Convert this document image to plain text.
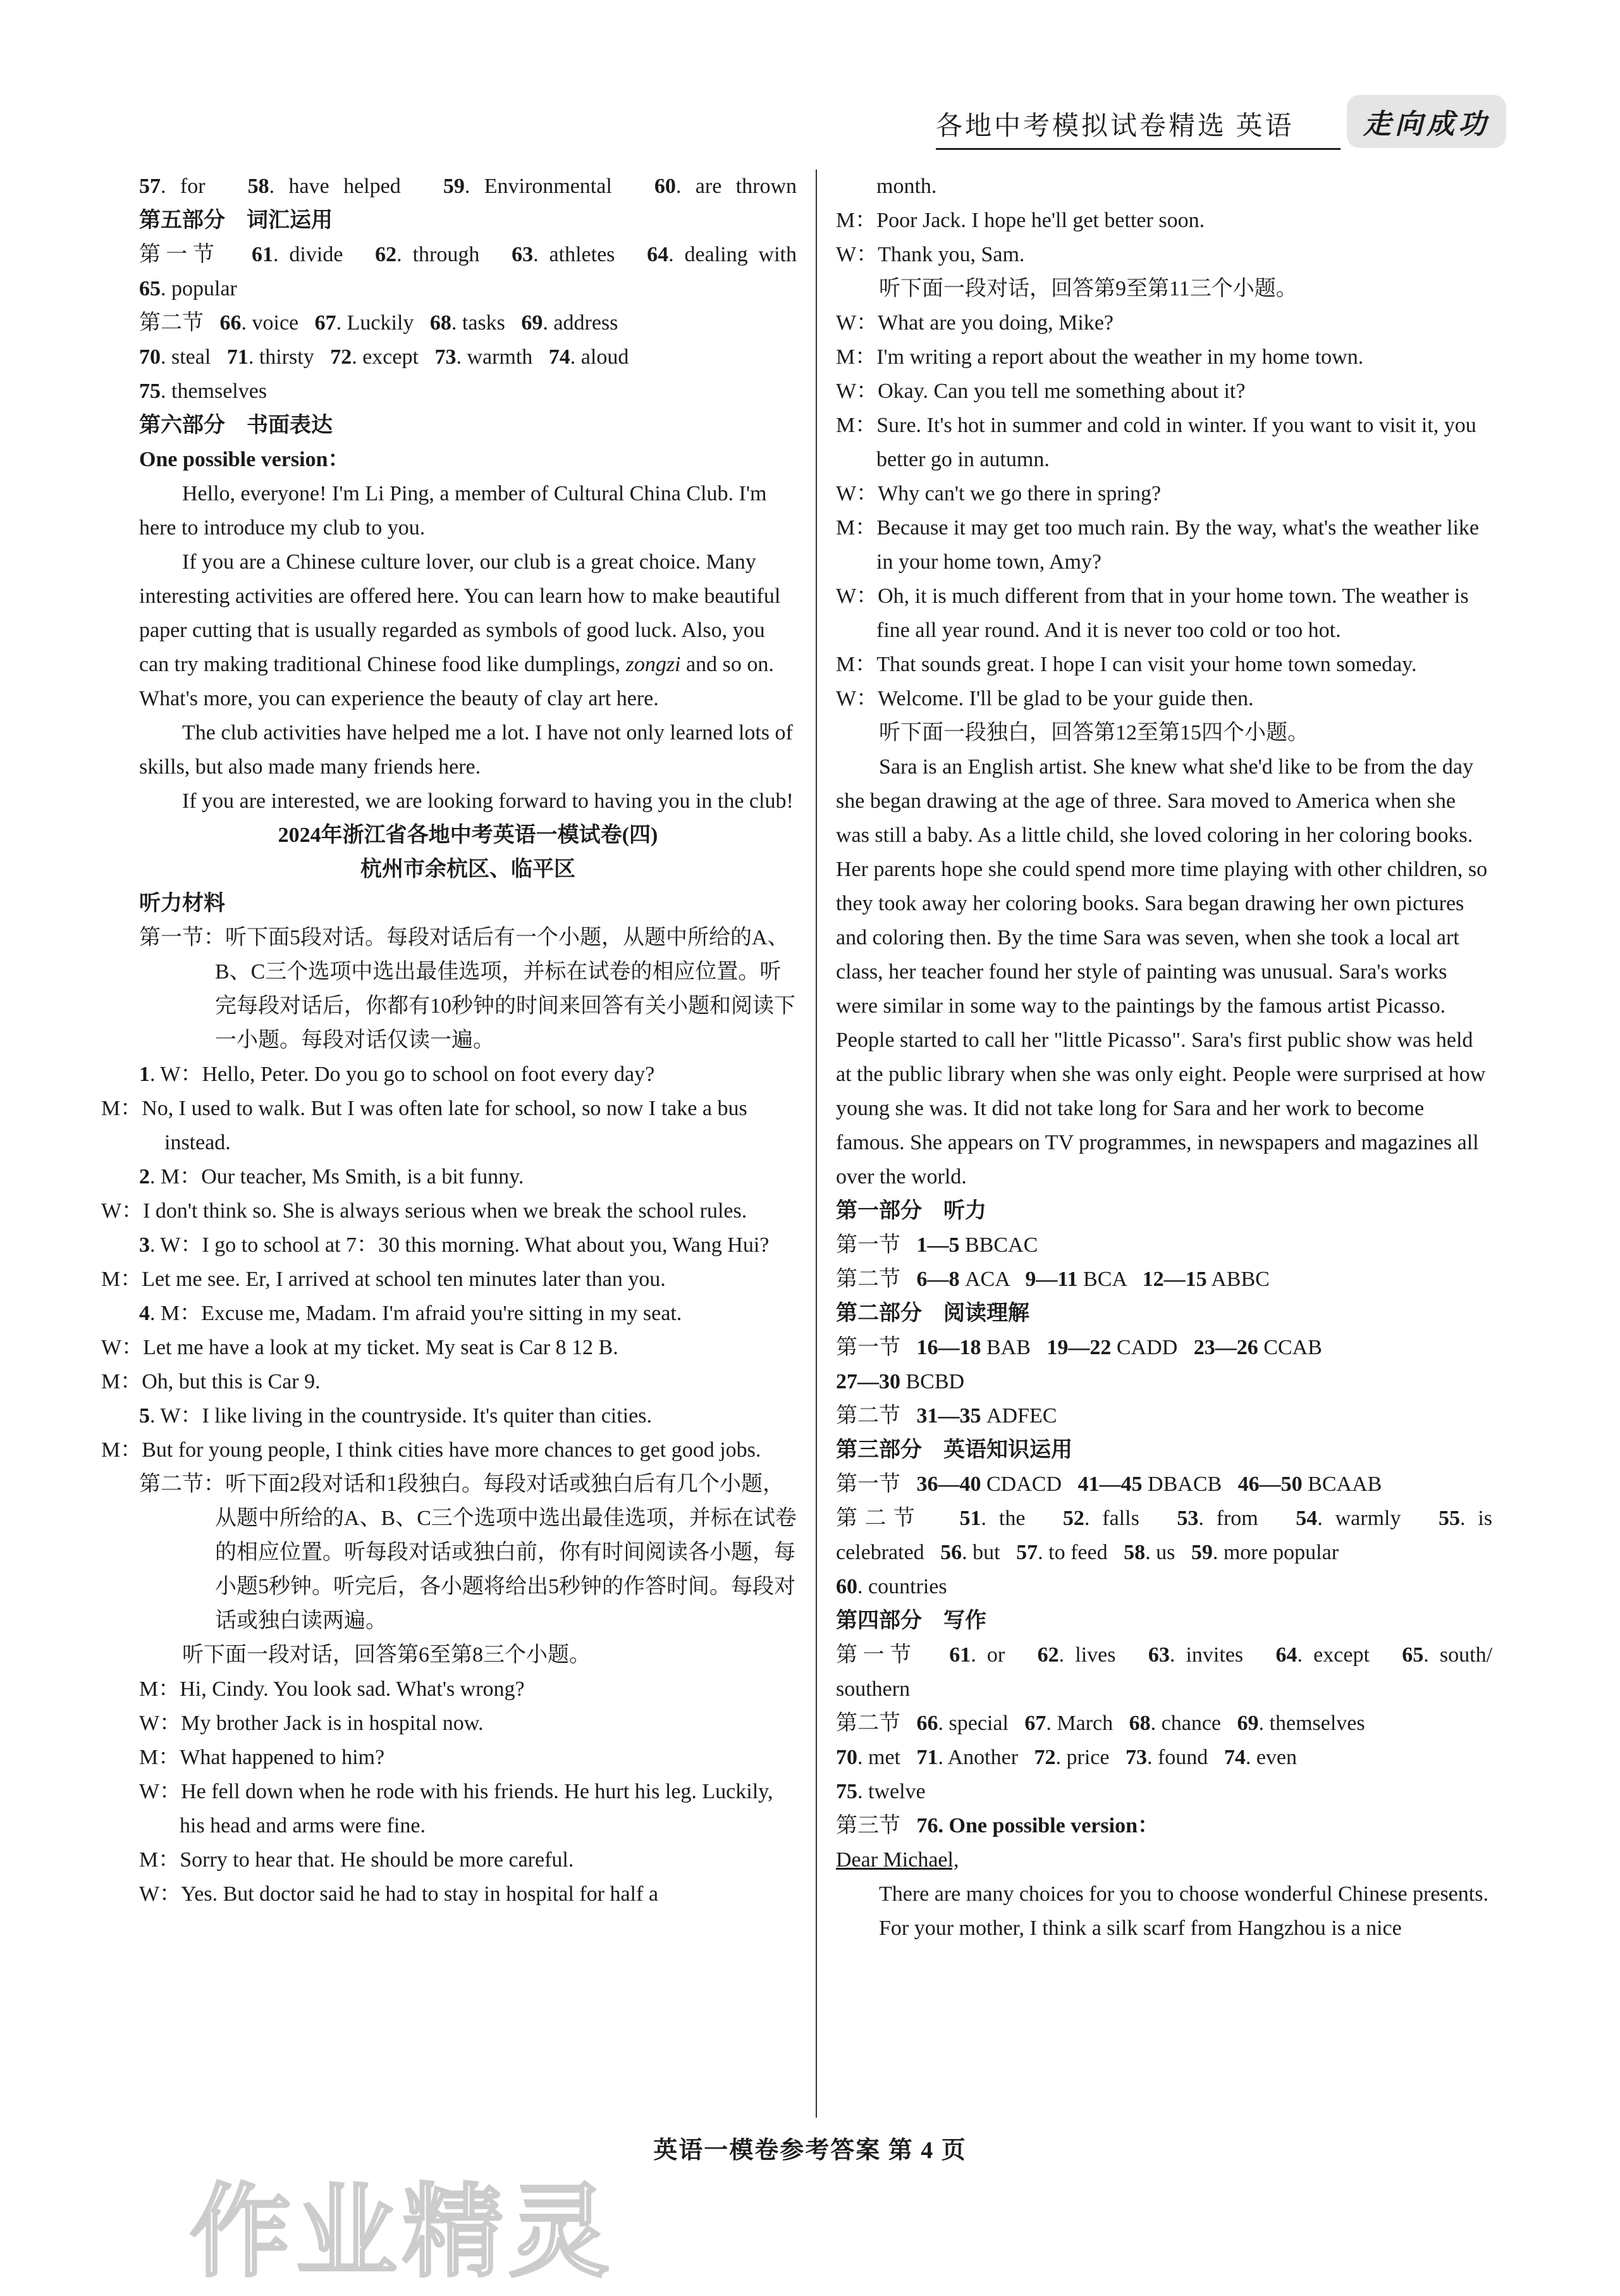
各地中考模拟试卷精选 英语	走向成功

57. for   58. have helped   59. Environmental   60. are thrown

第五部分　词汇运用

第一节   61. divide   62. through   63. athletes   64. dealing with

65. popular

第二节   66. voice   67. Luckily   68. tasks   69. address

70. steal   71. thirsty   72. except   73. warmth   74. aloud

75. themselves

第六部分　书面表达

One possible version：

Hello, everyone! I'm Li Ping, a member of Cultural China Club. I'm here to introduce my club to you.

If you are a Chinese culture lover, our club is a great choice. Many interesting activities are offered here. You can learn how to make beautiful paper cutting that is usually regarded as symbols of good luck. Also, you can try making traditional Chinese food like dumplings, zongzi and so on. What's more, you can experience the beauty of clay art here.

The club activities have helped me a lot. I have not only learned lots of skills, but also made many friends here.

If you are interested, we are looking forward to having you in the club!

2024年浙江省各地中考英语一模试卷(四)

杭州市余杭区、临平区

听力材料

第一节：听下面5段对话。每段对话后有一个小题，从题中所给的A、B、C三个选项中选出最佳选项，并标在试卷的相应位置。听完每段对话后，你都有10秒钟的时间来回答有关小题和阅读下一小题。每段对话仅读一遍。

1. W：Hello, Peter. Do you go to school on foot every day?

M：No, I used to walk. But I was often late for school, so now I take a bus instead.

2. M：Our teacher, Ms Smith, is a bit funny.

W：I don't think so. She is always serious when we break the school rules.

3. W：I go to school at 7：30 this morning. What about you, Wang Hui?

M：Let me see. Er, I arrived at school ten minutes later than you.

4. M：Excuse me, Madam. I'm afraid you're sitting in my seat.

W：Let me have a look at my ticket. My seat is Car 8 12 B.

M：Oh, but this is Car 9.

5. W：I like living in the countryside. It's quiter than cities.

M：But for young people, I think cities have more chances to get good jobs.

第二节：听下面2段对话和1段独白。每段对话或独白后有几个小题，从题中所给的A、B、C三个选项中选出最佳选项，并标在试卷的相应位置。听每段对话或独白前，你有时间阅读各小题，每小题5秒钟。听完后，各小题将给出5秒钟的作答时间。每段对话或独白读两遍。

听下面一段对话，回答第6至第8三个小题。

M：Hi, Cindy. You look sad. What's wrong?

W：My brother Jack is in hospital now.

M：What happened to him?

W：He fell down when he rode with his friends. He hurt his leg. Luckily, his head and arms were fine.

M：Sorry to hear that. He should be more careful.

W：Yes. But doctor said he had to stay in hospital for half a

month.

M：Poor Jack. I hope he'll get better soon.

W：Thank you, Sam.

听下面一段对话，回答第9至第11三个小题。

W：What are you doing, Mike?

M：I'm writing a report about the weather in my home town.

W：Okay. Can you tell me something about it?

M：Sure. It's hot in summer and cold in winter. If you want to visit it, you better go in autumn.

W：Why can't we go there in spring?

M：Because it may get too much rain. By the way, what's the weather like in your home town, Amy?

W：Oh, it is much different from that in your home town. The weather is fine all year round. And it is never too cold or too hot.

M：That sounds great. I hope I can visit your home town someday.

W：Welcome. I'll be glad to be your guide then.

听下面一段独白，回答第12至第15四个小题。

Sara is an English artist. She knew what she'd like to be from the day she began drawing at the age of three. Sara moved to America when she was still a baby. As a little child, she loved coloring in her coloring books. Her parents hope she could spend more time playing with other children, so they took away her coloring books. Sara began drawing her own pictures and coloring then. By the time Sara was seven, when she took a local art class, her teacher found her style of painting was unusual. Sara's works were similar in some way to the paintings by the famous artist Picasso. People started to call her "little Picasso". Sara's first public show was held at the public library when she was only eight. People were surprised at how young she was. It did not take long for Sara and her work to become famous. She appears on TV programmes, in newspapers and magazines all over the world.

第一部分　听力

第一节   1—5 BBCAC

第二节   6—8 ACA   9—11 BCA   12—15 ABBC

第二部分　阅读理解

第一节   16—18 BAB   19—22 CADD   23—26 CCAB

27—30 BCBD

第二节   31—35 ADFEC

第三部分　英语知识运用

第一节   36—40 CDACD   41—45 DBACB   46—50 BCAAB

第二节   51. the   52. falls   53. from   54. warmly   55. is

celebrated   56. but   57. to feed   58. us   59. more popular

60. countries

第四部分　写作

第一节   61. or   62. lives   63. invites   64. except   65. south/

southern

第二节   66. special   67. March   68. chance   69. themselves

70. met   71. Another   72. price   73. found   74. even

75. twelve

第三节   76. One possible version：

Dear Michael,

There are many choices for you to choose wonderful Chinese presents.

For your mother, I think a silk scarf from Hangzhou is a nice

英语一模卷参考答案 第 4 页
作业精灵
